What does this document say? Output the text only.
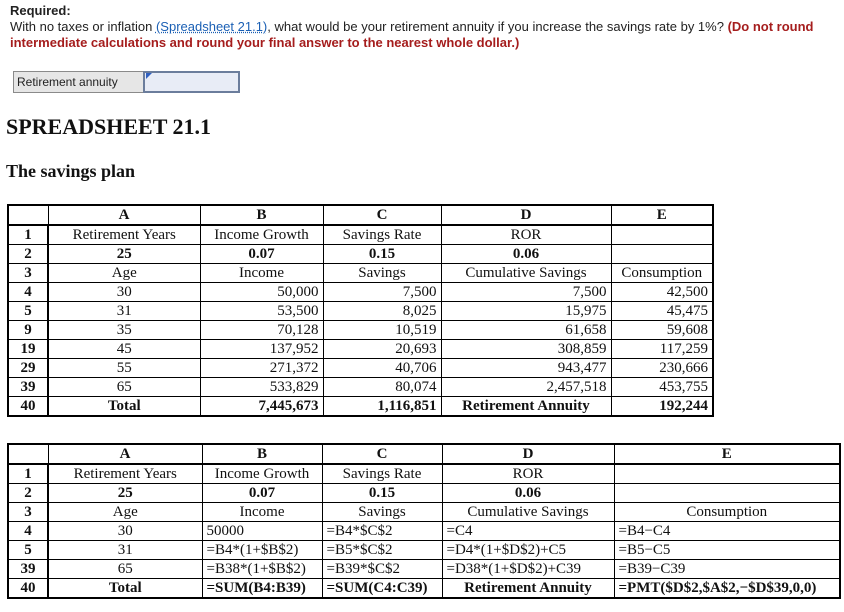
Required:
With no taxes or inflation (Spreadsheet 21.1), what would be your retirement annuity if you increase the savings rate by 1%? (Do not round intermediate calculations and round your final answer to the nearest whole dollar.)
Retirement annuity
SPREADSHEET 21.1
The savings plan
	A	B	C	D	E
1	Retirement Years	Income Growth	Savings Rate	ROR	
2	25	0.07	0.15	0.06	
3	Age	Income	Savings	Cumulative Savings	Consumption
4	30	50,000	7,500	7,500	42,500
5	31	53,500	8,025	15,975	45,475
9	35	70,128	10,519	61,658	59,608
19	45	137,952	20,693	308,859	117,259
29	55	271,372	40,706	943,477	230,666
39	65	533,829	80,074	2,457,518	453,755
40	Total	7,445,673	1,116,851	Retirement Annuity	192,244
	A	B	C	D	E
1	Retirement Years	Income Growth	Savings Rate	ROR	
2	25	0.07	0.15	0.06	
3	Age	Income	Savings	Cumulative Savings	Consumption
4	30	50000	=B4*$C$2	=C4	=B4−C4
5	31	=B4*(1+$B$2)	=B5*$C$2	=D4*(1+$D$2)+C5	=B5−C5
39	65	=B38*(1+$B$2)	=B39*$C$2	=D38*(1+$D$2)+C39	=B39−C39
40	Total	=SUM(B4:B39)	=SUM(C4:C39)	Retirement Annuity	=PMT($D$2,$A$2,−$D$39,0,0)
